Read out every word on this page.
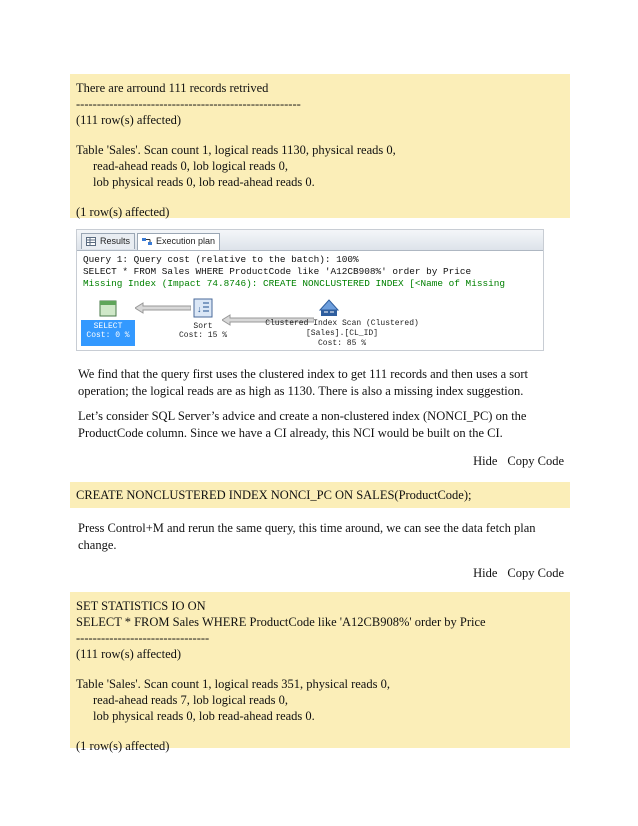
There are arround 111 records retrived

------------------------------------------------------

(111 row(s) affected)

Table 'Sales'. Scan count 1, logical reads 1130, physical reads 0,

read-ahead reads 0, lob logical reads 0,

lob physical reads 0, lob read-ahead reads 0.

(1 row(s) affected)

Results	Execution plan
Query 1: Query cost (relative to the batch): 100%
SELECT * FROM Sales WHERE ProductCode like 'A12CB908%' order by Price
Missing Index (Impact 74.8746): CREATE NONCLUSTERED INDEX [<Name of Missing
SELECT
Cost: 0 %
↓
Sort
Cost: 15 %
Clustered Index Scan (Clustered)
[Sales].[CL_ID]
Cost: 85 %

We find that the query first uses the clustered index to get 111 records and then uses a sort operation; the logical reads are as high as 1130. There is also a missing index suggestion.

Let’s consider SQL Server’s advice and create a non-clustered index (NONCI_PC) on the ProductCode column. Since we have a CI already, this NCI would be built on the CI.

Hide Copy Code

CREATE NONCLUSTERED INDEX NONCI_PC ON SALES(ProductCode);

Press Control+M and rerun the same query, this time around, we can see the data fetch plan change.

Hide Copy Code

SET STATISTICS IO ON

SELECT * FROM Sales WHERE ProductCode like 'A12CB908%' order by Price

--------------------------------

(111 row(s) affected)

Table 'Sales'. Scan count 1, logical reads 351, physical reads 0,

read-ahead reads 7, lob logical reads 0,

lob physical reads 0, lob read-ahead reads 0.

(1 row(s) affected)
